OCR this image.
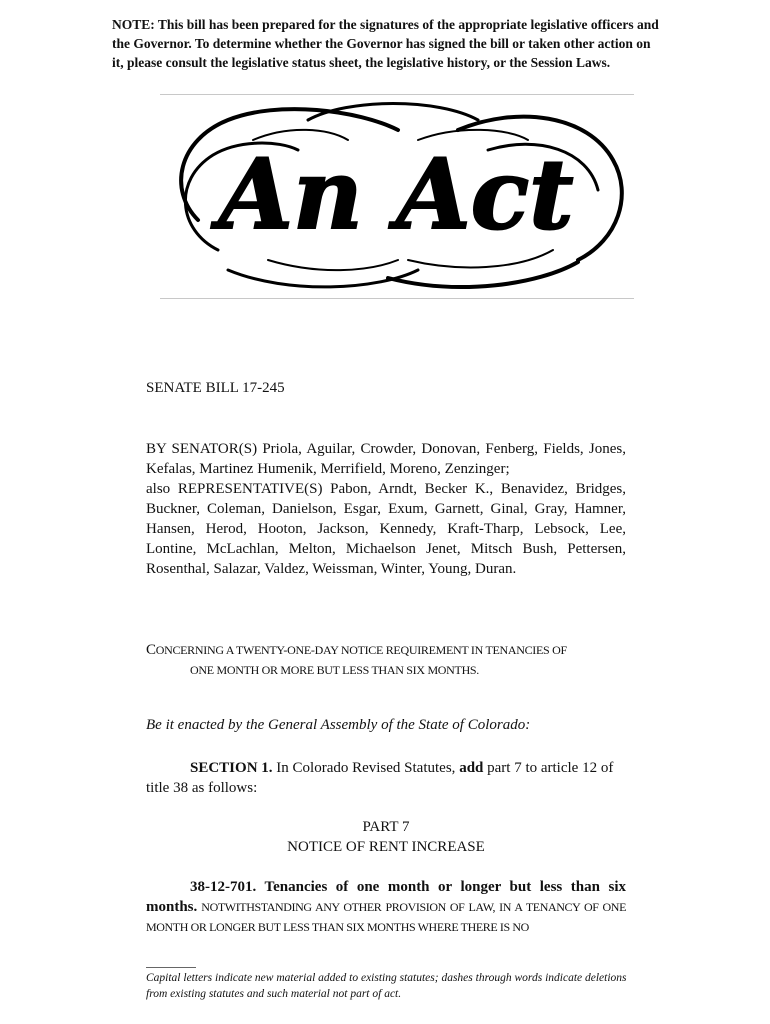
NOTE: This bill has been prepared for the signatures of the appropriate legislative officers and the Governor. To determine whether the Governor has signed the bill or taken other action on it, please consult the legislative status sheet, the legislative history, or the Session Laws.
An Act
SENATE BILL 17-245
BY SENATOR(S) Priola, Aguilar, Crowder, Donovan, Fenberg, Fields, Jones, Kefalas, Martinez Humenik, Merrifield, Moreno, Zenzinger;
also REPRESENTATIVE(S) Pabon, Arndt, Becker K., Benavidez, Bridges, Buckner, Coleman, Danielson, Esgar, Exum, Garnett, Ginal, Gray, Hamner, Hansen, Herod, Hooton, Jackson, Kennedy, Kraft-Tharp, Lebsock, Lee, Lontine, McLachlan, Melton, Michaelson Jenet, Mitsch Bush, Pettersen, Rosenthal, Salazar, Valdez, Weissman, Winter, Young, Duran.
CONCERNING A TWENTY-ONE-DAY NOTICE REQUIREMENT IN TENANCIES OF
ONE MONTH OR MORE BUT LESS THAN SIX MONTHS.
Be it enacted by the General Assembly of the State of Colorado:
SECTION 1. In Colorado Revised Statutes, add part 7 to article 12 of title 38 as follows:
PART 7
NOTICE OF RENT INCREASE
38-12-701. Tenancies of one month or longer but less than six months. NOTWITHSTANDING ANY OTHER PROVISION OF LAW, IN A TENANCY OF ONE MONTH OR LONGER BUT LESS THAN SIX MONTHS WHERE THERE IS NO
Capital letters indicate new material added to existing statutes; dashes through words indicate deletions from existing statutes and such material not part of act.
